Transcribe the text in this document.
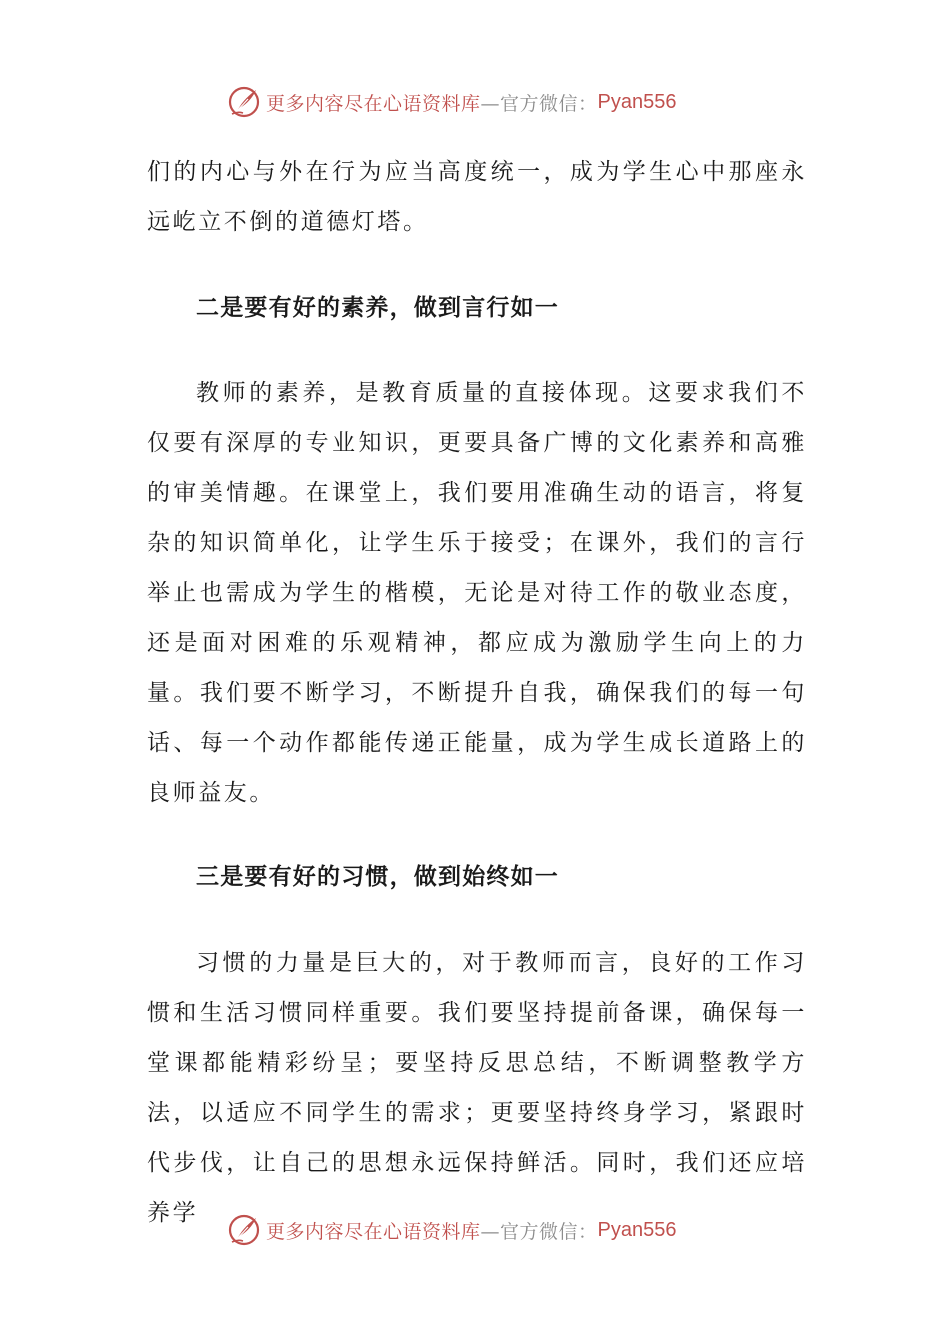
更多内容尽在心语资料库 —官方微信： Pyan556
们的内心与外在行为应当高度统一，成为学生心中那座永远屹立不倒的道德灯塔。
二是要有好的素养，做到言行如一
教师的素养，是教育质量的直接体现。这要求我们不仅要有深厚的专业知识，更要具备广博的文化素养和高雅的审美情趣。在课堂上，我们要用准确生动的语言，将复杂的知识简单化，让学生乐于接受；在课外，我们的言行举止也需成为学生的楷模，无论是对待工作的敬业态度，还是面对困难的乐观精神，都应成为激励学生向上的力量。我们要不断学习，不断提升自我，确保我们的每一句话、每一个动作都能传递正能量，成为学生成长道路上的良师益友。
三是要有好的习惯，做到始终如一
习惯的力量是巨大的，对于教师而言，良好的工作习惯和生活习惯同样重要。我们要坚持提前备课，确保每一堂课都能精彩纷呈；要坚持反思总结，不断调整教学方法，以适应不同学生的需求；更要坚持终身学习，紧跟时代步伐，让自己的思想永远保持鲜活。同时，我们还应培养学
更多内容尽在心语资料库 —官方微信： Pyan556
